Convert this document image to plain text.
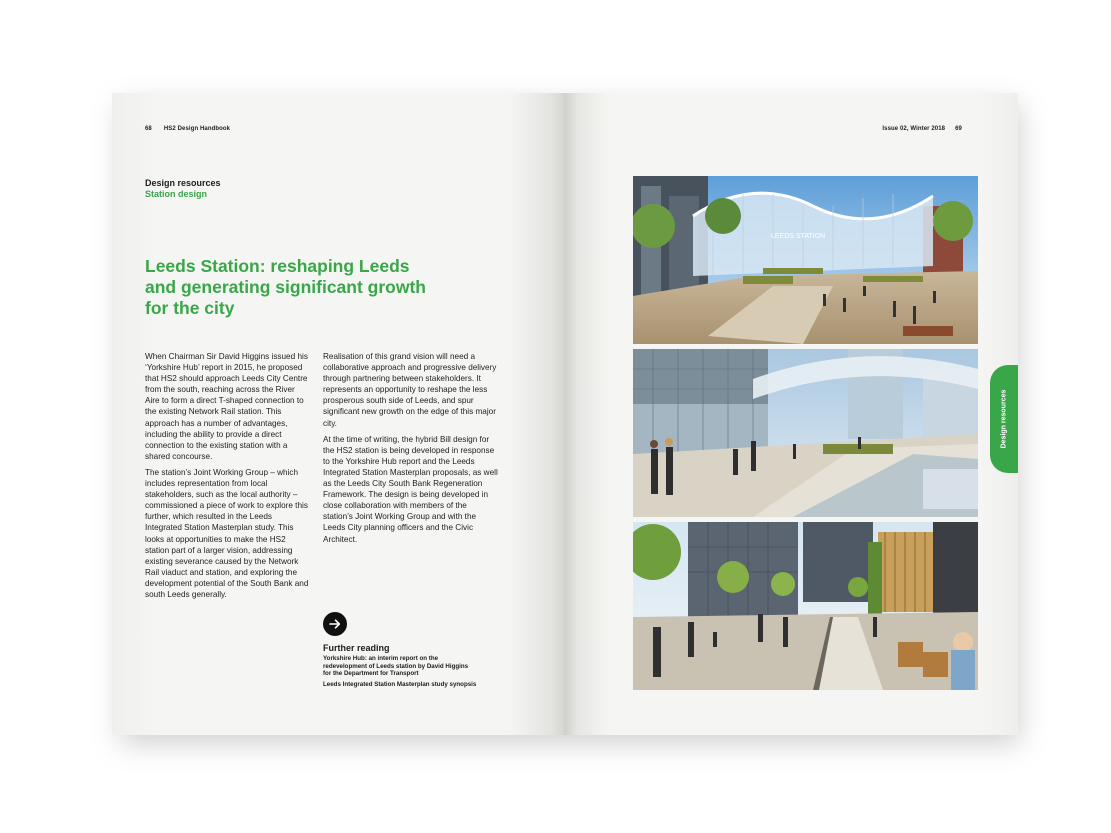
68 HS2 Design Handbook
Design resources
Station design
Leeds Station: reshaping Leeds
and generating significant growth
for the city

When Chairman Sir David Higgins issued his ‘Yorkshire Hub’ report in 2015, he proposed that HS2 should approach Leeds City Centre from the south, reaching across the River Aire to form a direct T-shaped connection to the existing Network Rail station. This approach has a number of advantages, including the ability to provide a direct connection to the existing station with a shared concourse.

The station’s Joint Working Group – which includes representation from local stakeholders, such as the local authority – commissioned a piece of work to explore this further, which resulted in the Leeds Integrated Station Masterplan study. This looks at opportunities to make the HS2 station part of a larger vision, addressing existing severance caused by the Network Rail viaduct and station, and exploring the development potential of the South Bank and south Leeds generally.

Realisation of this grand vision will need a collaborative approach and progressive delivery through partnering between stakeholders. It represents an opportunity to reshape the less prosperous south side of Leeds, and spur significant new growth on the edge of this major city.

At the time of writing, the hybrid Bill design for the HS2 station is being developed in response to the Yorkshire Hub report and the Leeds Integrated Station Masterplan proposals, as well as the Leeds City South Bank Regeneration Framework. The design is being developed in close collaboration with members of the station’s Joint Working Group and with the Leeds City planning officers and the Civic Architect.

Further reading
Yorkshire Hub: an interim report on the
redevelopment of Leeds station by David Higgins
for the Department for Transport
Leeds Integrated Station Masterplan study synopsis
Issue 02, Winter 2018 69
LEEDS STATION
Design resources
